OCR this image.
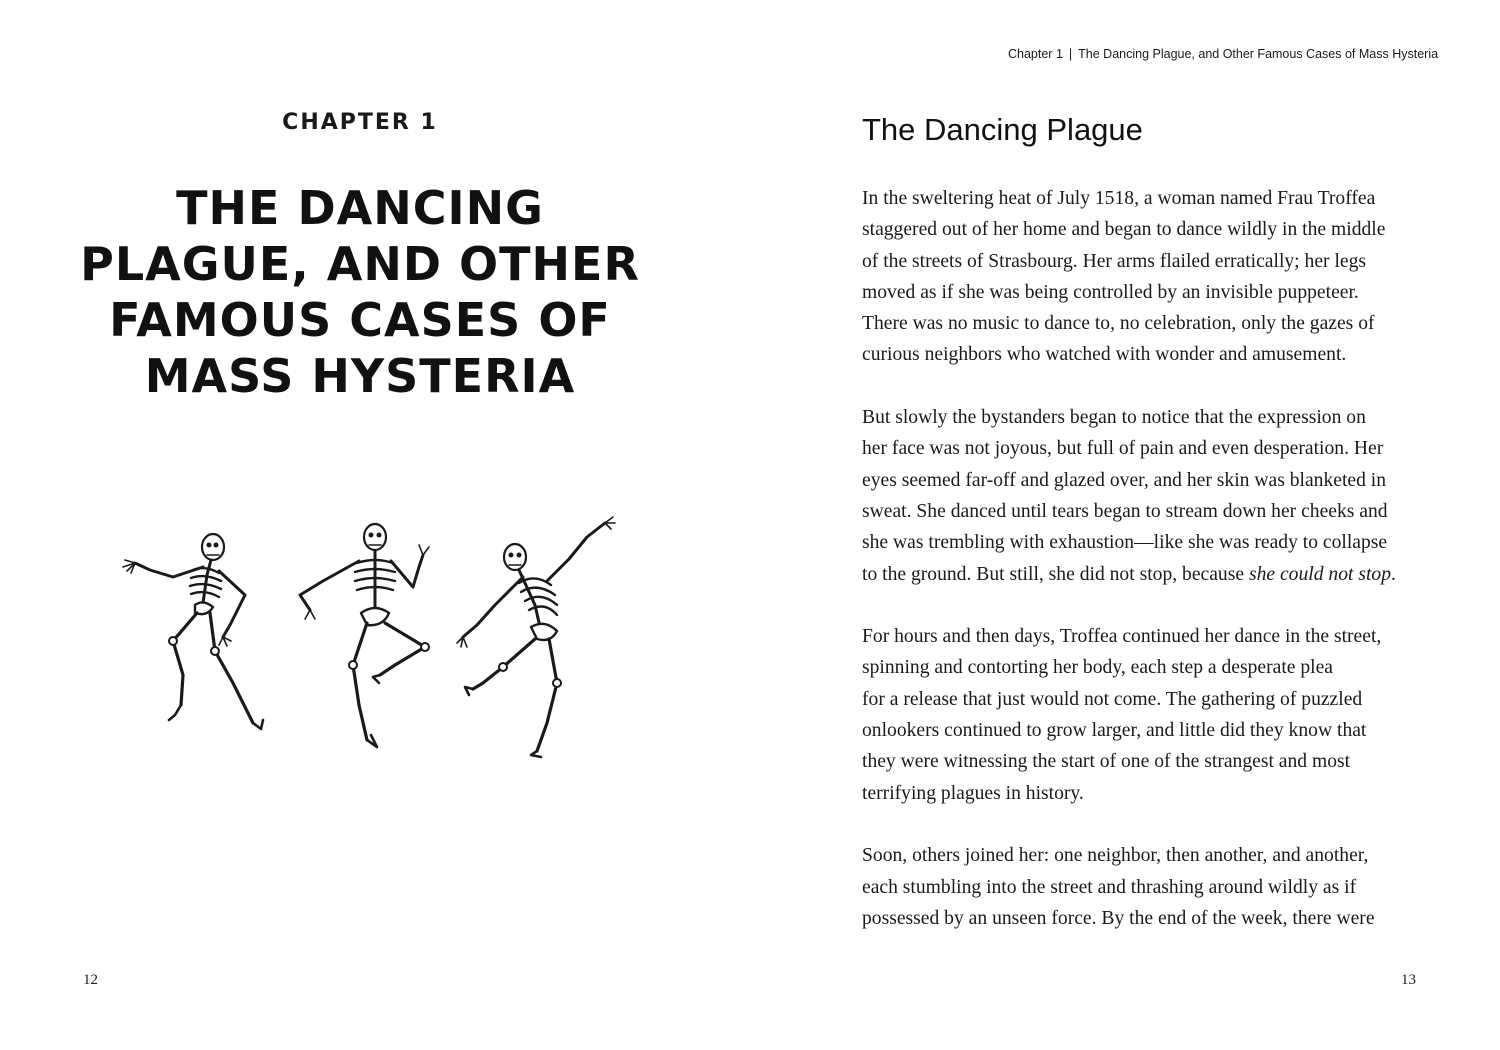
CHAPTER 1
THE DANCING
PLAGUE, AND OTHER
FAMOUS CASES OF
MASS HYSTERIA
12
Chapter 1 | The Dancing Plague, and Other Famous Cases of Mass Hysteria
The Dancing Plague

In the sweltering heat of July 1518, a woman named Frau Troffea
staggered out of her home and began to dance wildly in the middle
of the streets of Strasbourg. Her arms flailed erratically; her legs
moved as if she was being controlled by an invisible puppeteer.
There was no music to dance to, no celebration, only the gazes of
curious neighbors who watched with wonder and amusement.

But slowly the bystanders began to notice that the expression on
her face was not joyous, but full of pain and even desperation. Her
eyes seemed far-off and glazed over, and her skin was blanketed in
sweat. She danced until tears began to stream down her cheeks and
she was trembling with exhaustion—like she was ready to collapse
to the ground. But still, she did not stop, because she could not stop.

For hours and then days, Troffea continued her dance in the street,
spinning and contorting her body, each step a desperate plea
for a release that just would not come. The gathering of puzzled
onlookers continued to grow larger, and little did they know that
they were witnessing the start of one of the strangest and most
terrifying plagues in history.

Soon, others joined her: one neighbor, then another, and another,
each stumbling into the street and thrashing around wildly as if
possessed by an unseen force. By the end of the week, there were

13
